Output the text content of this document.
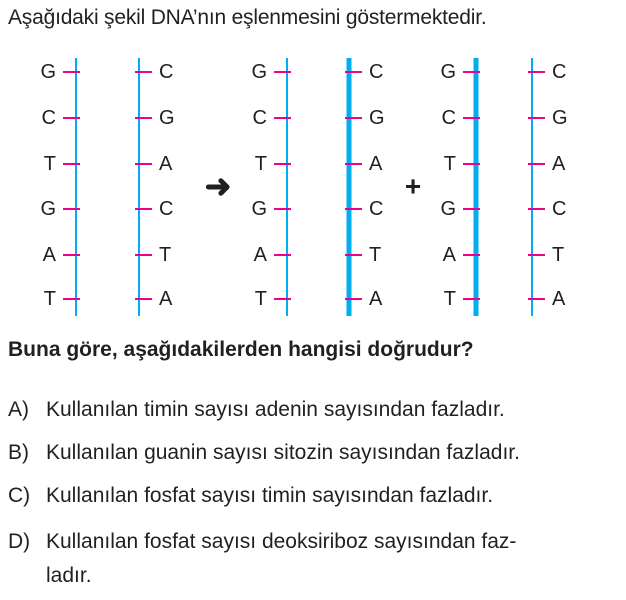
Aşağıdaki şekil DNA’nın eşlenmesini göstermektedir.
G
C
T
G
A
T
C
G
A
C
T
A
➜
G
C
T
G
A
T
C
G
A
C
T
A
+
G
C
T
G
A
T
C
G
A
C
T
A
Buna göre, aşağıdakilerden hangisi doğrudur?
A) Kullanılan timin sayısı adenin sayısından fazladır.
B) Kullanılan guanin sayısı sitozin sayısından fazladır.
C) Kullanılan fosfat sayısı timin sayısından fazladır.
D) Kullanılan fosfat sayısı deoksiriboz sayısından faz-
ladır.
